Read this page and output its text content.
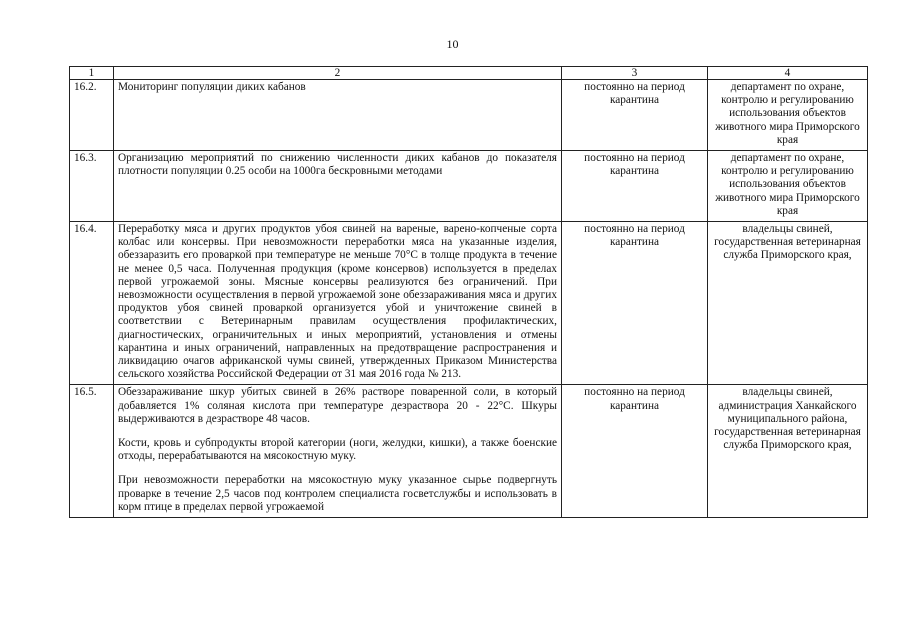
10
1	2	3	4
16.2.	Мониторинг популяции диких кабанов	постоянно на период карантина	департамент по охране, контролю и регулированию использования объектов животного мира Приморского края
16.3.	Организацию мероприятий по снижению численности диких кабанов до показателя плотности популяции 0.25 особи на 1000га бескровными методами	постоянно на период карантина	департамент по охране, контролю и регулированию использования объектов животного мира Приморского края
16.4.	Переработку мяса и других продуктов убоя свиней на вареные, варено-копченые сорта колбас или консервы. При невозможности переработки мяса на указанные изделия, обеззаразить его проваркой при температуре не меньше 70°С в толще продукта в течение не менее 0,5 часа. Полученная продукция (кроме консервов) используется в пределах первой угрожаемой зоны. Мясные консервы реализуются без ограничений. При невозможности осуществления в первой угрожаемой зоне обеззараживания мяса и других продуктов убоя свиней проваркой организуется убой и уничтожение свиней в соответствии с Ветеринарным правилам осуществления профилактических, диагностических, ограничительных и иных мероприятий, установления и отмены карантина и иных ограничений, направленных на предотвращение распространения и ликвидацию очагов африканской чумы свиней, утвержденных Приказом Министерства сельского хозяйства Российской Федерации от 31 мая 2016 года № 213.	постоянно на период карантина	владельцы свиней, государственная ветеринарная служба Приморского края,
16.5.	Обеззараживание шкур убитых свиней в 26% растворе поваренной соли, в который добавляется 1% соляная кислота при температуре дезраствора 20 - 22°С. Шкуры выдерживаются в дезрастворе 48 часов.

Кости, кровь и субпродукты второй категории (ноги, желудки, кишки), а также боенские отходы, перерабатываются на мясокостную муку.

При невозможности переработки на мясокостную муку указанное сырье подвергнуть проварке в течение 2,5 часов под контролем специалиста госветслужбы и использовать в корм птице в пределах первой угрожаемой	постоянно на период карантина	владельцы свиней, администрация Ханкайского муниципального района, государственная ветеринарная служба Приморского края,
